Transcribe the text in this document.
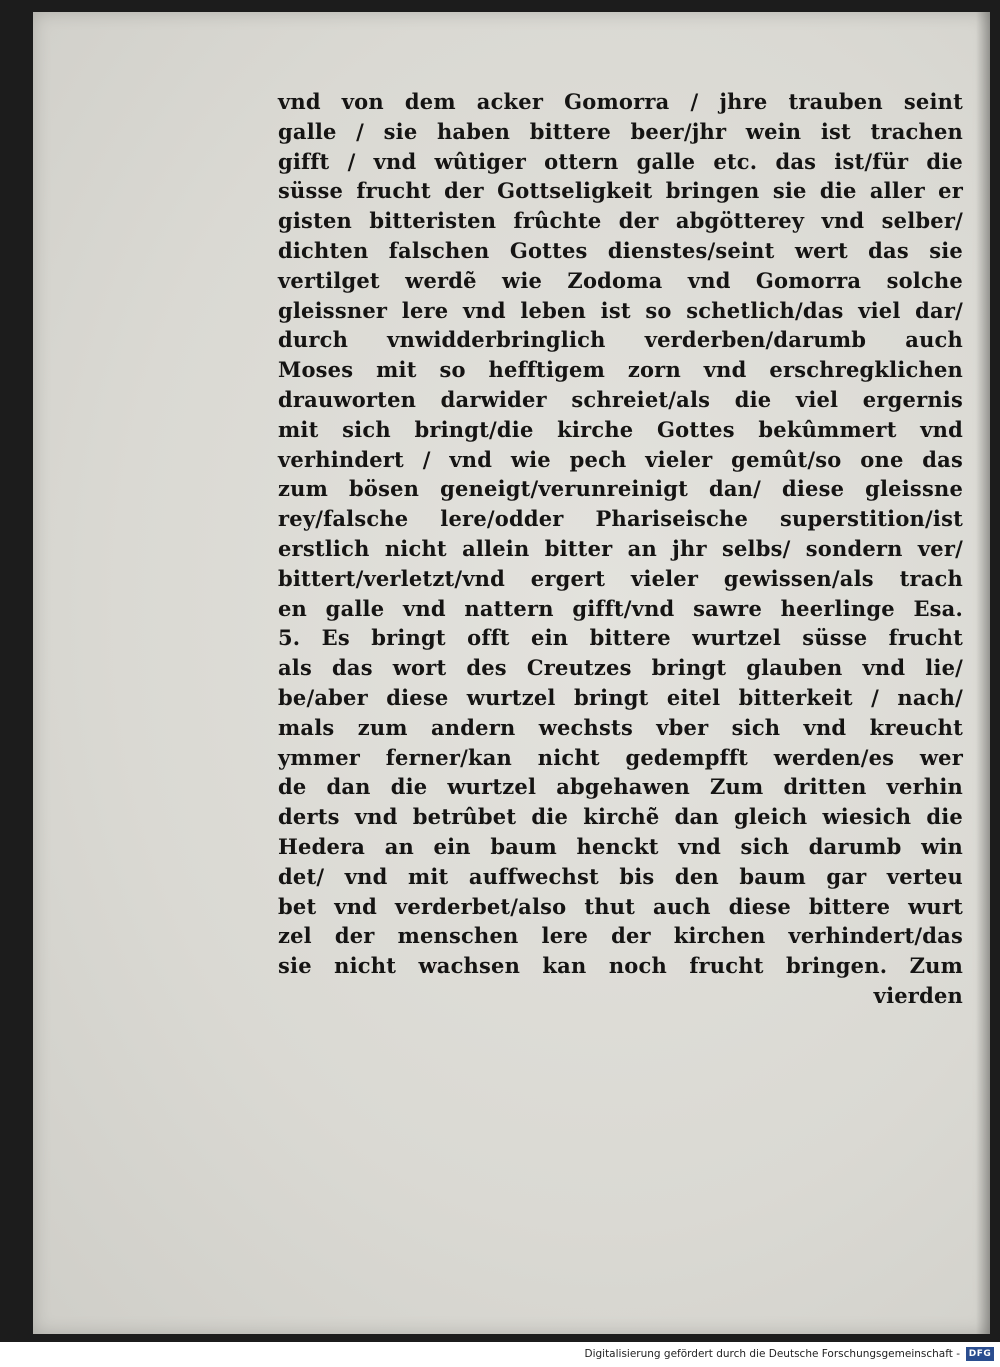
vnd von dem acker Gomorra / jhre trauben seint
galle / sie haben bittere beer/jhr wein ist trachen
gifft / vnd wûtiger ottern galle etc. das ist/für die
süsse frucht der Gottseligkeit bringen sie die aller er
gisten bitteristen frûchte der abgötterey vnd selber/
dichten falschen Gottes dienstes/seint wert das sie
vertilget werdẽ wie Zodoma vnd Gomorra solche
gleissner lere vnd leben ist so schetlich/das viel dar/
durch vnwidderbringlich verderben/darumb auch
Moses mit so hefftigem zorn vnd erschregklichen
drauworten darwider schreiet/als die viel ergernis
mit sich bringt/die kirche Gottes bekûmmert vnd
verhindert / vnd wie pech vieler gemût/so one das
zum bösen geneigt/verunreinigt dan/ diese gleissne
rey/falsche lere/odder Phariseische superstition/ist
erstlich nicht allein bitter an jhr selbs/ sondern ver/
bittert/verletzt/vnd ergert vieler gewissen/als trach
en galle vnd nattern gifft/vnd sawre heerlinge Esa.
5. Es bringt offt ein bittere wurtzel süsse frucht
als das wort des Creutzes bringt glauben vnd lie/
be/aber diese wurtzel bringt eitel bitterkeit / nach/
mals zum andern wechsts vber sich vnd kreucht
ymmer ferner/kan nicht gedempfft werden/es wer
de dan die wurtzel abgehawen Zum dritten verhin
derts vnd betrûbet die kirchẽ dan gleich wiesich die
Hedera an ein baum henckt vnd sich darumb win
det/ vnd mit auffwechst bis den baum gar verteu
bet vnd verderbet/also thut auch diese bittere wurt
zel der menschen lere der kirchen verhindert/das
sie nicht wachsen kan noch frucht bringen. Zum
vierden
Digitalisierung gefördert durch die Deutsche Forschungsgemeinschaft - DFG
